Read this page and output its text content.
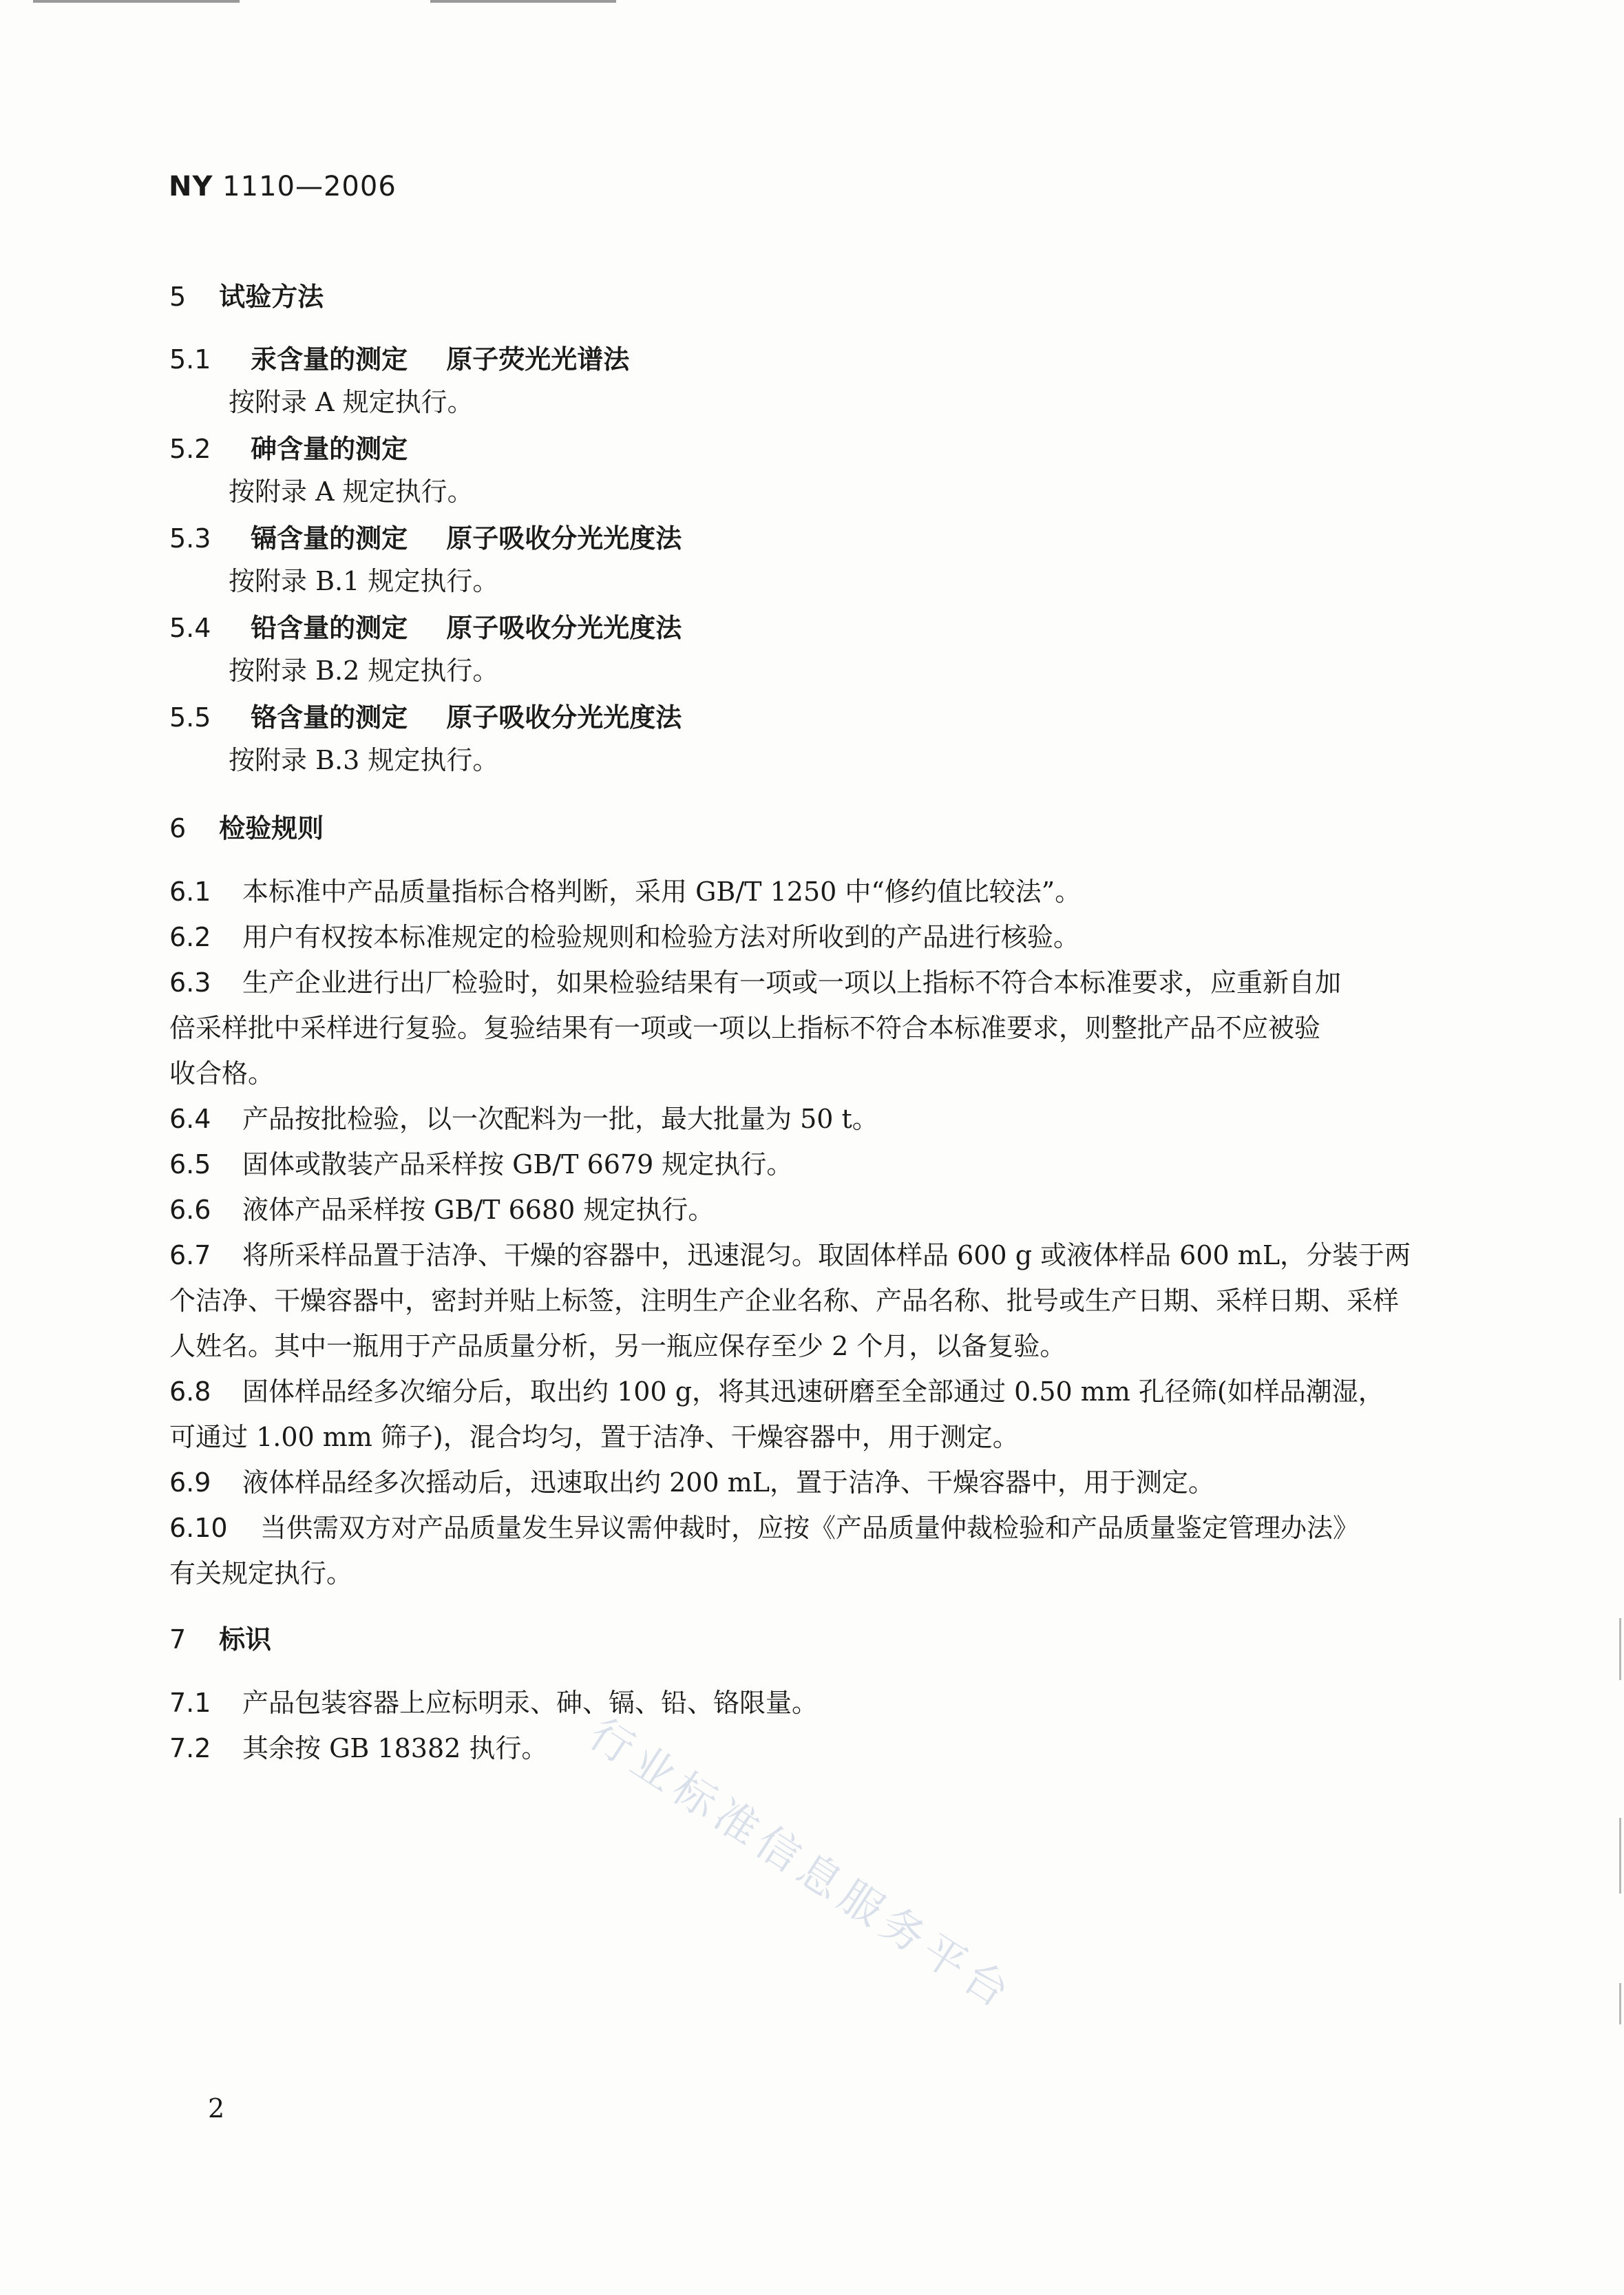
NY 1110—2006
5 试验方法
5.1 汞含量的测定 原子荧光光谱法
按附录 A 规定执行。
5.2 砷含量的测定
按附录 A 规定执行。
5.3 镉含量的测定 原子吸收分光光度法
按附录 B.1 规定执行。
5.4 铅含量的测定 原子吸收分光光度法
按附录 B.2 规定执行。
5.5 铬含量的测定 原子吸收分光光度法
按附录 B.3 规定执行。
6 检验规则
6.1 本标准中产品质量指标合格判断，采用 GB/T 1250 中“修约值比较法”。
6.2 用户有权按本标准规定的检验规则和检验方法对所收到的产品进行核验。
6.3 生产企业进行出厂检验时，如果检验结果有一项或一项以上指标不符合本标准要求，应重新自加
倍采样批中采样进行复验。复验结果有一项或一项以上指标不符合本标准要求，则整批产品不应被验
收合格。
6.4 产品按批检验，以一次配料为一批，最大批量为 50 t。
6.5 固体或散装产品采样按 GB/T 6679 规定执行。
6.6 液体产品采样按 GB/T 6680 规定执行。
6.7 将所采样品置于洁净、干燥的容器中，迅速混匀。取固体样品 600 g 或液体样品 600 mL，分装于两
个洁净、干燥容器中，密封并贴上标签，注明生产企业名称、产品名称、批号或生产日期、采样日期、采样
人姓名。其中一瓶用于产品质量分析，另一瓶应保存至少 2 个月，以备复验。
6.8 固体样品经多次缩分后，取出约 100 g，将其迅速研磨至全部通过 0.50 mm 孔径筛(如样品潮湿，
可通过 1.00 mm 筛子)，混合均匀，置于洁净、干燥容器中，用于测定。
6.9 液体样品经多次摇动后，迅速取出约 200 mL，置于洁净、干燥容器中，用于测定。
6.10 当供需双方对产品质量发生异议需仲裁时，应按《产品质量仲裁检验和产品质量鉴定管理办法》
有关规定执行。
7 标识
7.1 产品包装容器上应标明汞、砷、镉、铅、铬限量。
7.2 其余按 GB 18382 执行。 行业标准信息服务平台
2
